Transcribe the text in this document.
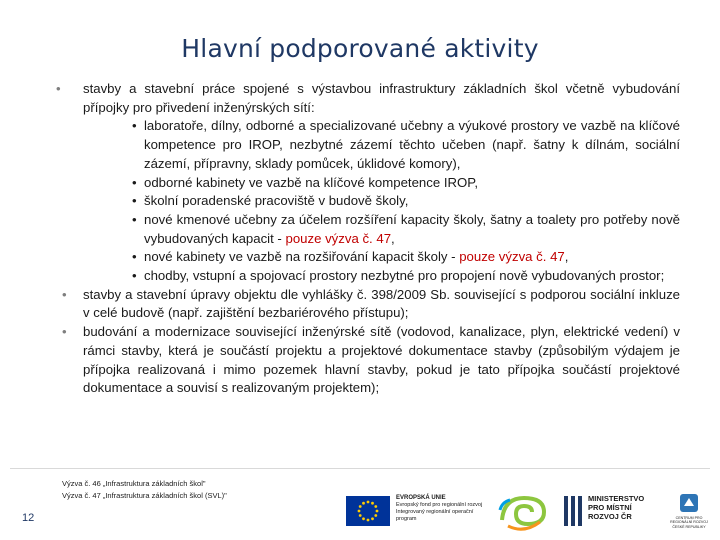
Hlavní podporované aktivity
• stavby a stavební práce spojené s výstavbou infrastruktury základních škol včetně vybudování přípojky pro přivedení inženýrských sítí:
• laboratoře, dílny, odborné a specializované učebny a výukové prostory ve vazbě na klíčové kompetence pro IROP, nezbytné zázemí těchto učeben (např. šatny k dílnám, sociální zázemí, přípravny, sklady pomůcek, úklidové komory),
• odborné kabinety ve vazbě na klíčové kompetence IROP,
• školní poradenské pracoviště v budově školy,
• nové kmenové učebny za účelem rozšíření kapacity školy, šatny a toalety pro potřeby nově vybudovaných kapacit - pouze výzva č. 47,
• nové kabinety ve vazbě na rozšiřování kapacit školy - pouze výzva č. 47,
• chodby, vstupní a spojovací prostory nezbytné pro propojení nově vybudovaných prostor;
• stavby a stavební úpravy objektu dle vyhlášky č. 398/2009 Sb. související s podporou sociální inkluze v celé budově (např. zajištění bezbariérového přístupu);
• budování a modernizace související inženýrské sítě (vodovod, kanalizace, plyn, elektrické vedení) v rámci stavby, která je součástí projektu a projektové dokumentace stavby (způsobilým výdajem je přípojka realizovaná i mimo pozemek hlavní stavby, pokud je tato přípojka součástí projektové dokumentace a souvisí s realizovaným projektem);
12
Výzva č. 46 „Infrastruktura základních škol"
Výzva č. 47 „Infrastruktura základních škol (SVL)"	EVROPSKÁ UNIE
Evropský fond pro regionální rozvoj
Integrovaný regionální operační program
MINISTERSTVO
PRO MÍSTNÍ
ROZVOJ ČR	CENTRUM PRO REGIONÁLNÍ ROZVOJ
ČESKÉ REPUBLIKY
